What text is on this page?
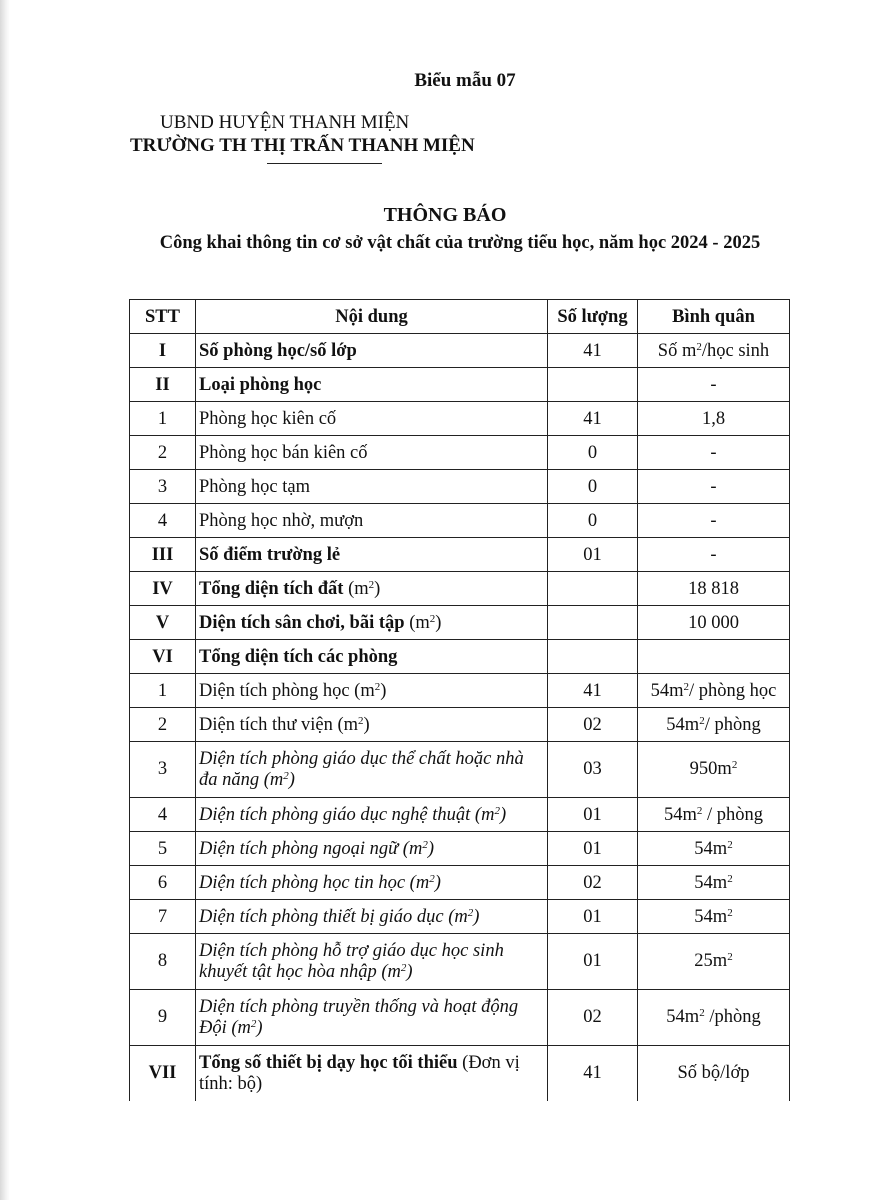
Biểu mẫu 07
UBND HUYỆN THANH MIỆN
TRƯỜNG TH THỊ TRẤN THANH MIỆN
THÔNG BÁO
Công khai thông tin cơ sở vật chất của trường tiểu học, năm học 2024 - 2025
STT	Nội dung	Số lượng	Bình quân
I	Số phòng học/số lớp	41	Số $m^2$/học sinh
II	Loại phòng học		-
1	Phòng học kiên cố	41	1,8
2	Phòng học bán kiên cố	0	-
3	Phòng học tạm	0	-
4	Phòng học nhờ, mượn	0	-
III	Số điểm trường lẻ	01	-
IV	Tổng diện tích đất $(m^2)$		18 818
V	Diện tích sân chơi, bãi tập $(m^2)$		10 000
VI	Tổng diện tích các phòng		
1	Diện tích phòng học $(m^2)$	41	$54m^2/$ phòng học
2	Diện tích thư viện $(m^2)$	02	$54m^2/$ phòng
3	Diện tích phòng giáo dục thể chất hoặc nhà đa năng $(m^2)$	03	$950m^2$
4	Diện tích phòng giáo dục nghệ thuật $(m^2)$	01	$54m^2$ / phòng
5	Diện tích phòng ngoại ngữ $(m^2)$	01	$54m^2$
6	Diện tích phòng học tin học $(m^2)$	02	$54m^2$
7	Diện tích phòng thiết bị giáo dục $(m^2)$	01	$54m^2$
8	Diện tích phòng hỗ trợ giáo dục học sinh khuyết tật học hòa nhập $(m^2)$	01	$25m^2$
9	Diện tích phòng truyền thống và hoạt động Đội $(m^2)$	02	$54m^2$ /phòng
VII	Tổng số thiết bị dạy học tối thiểu (Đơn vị tính: bộ)	41	Số bộ/lớp
